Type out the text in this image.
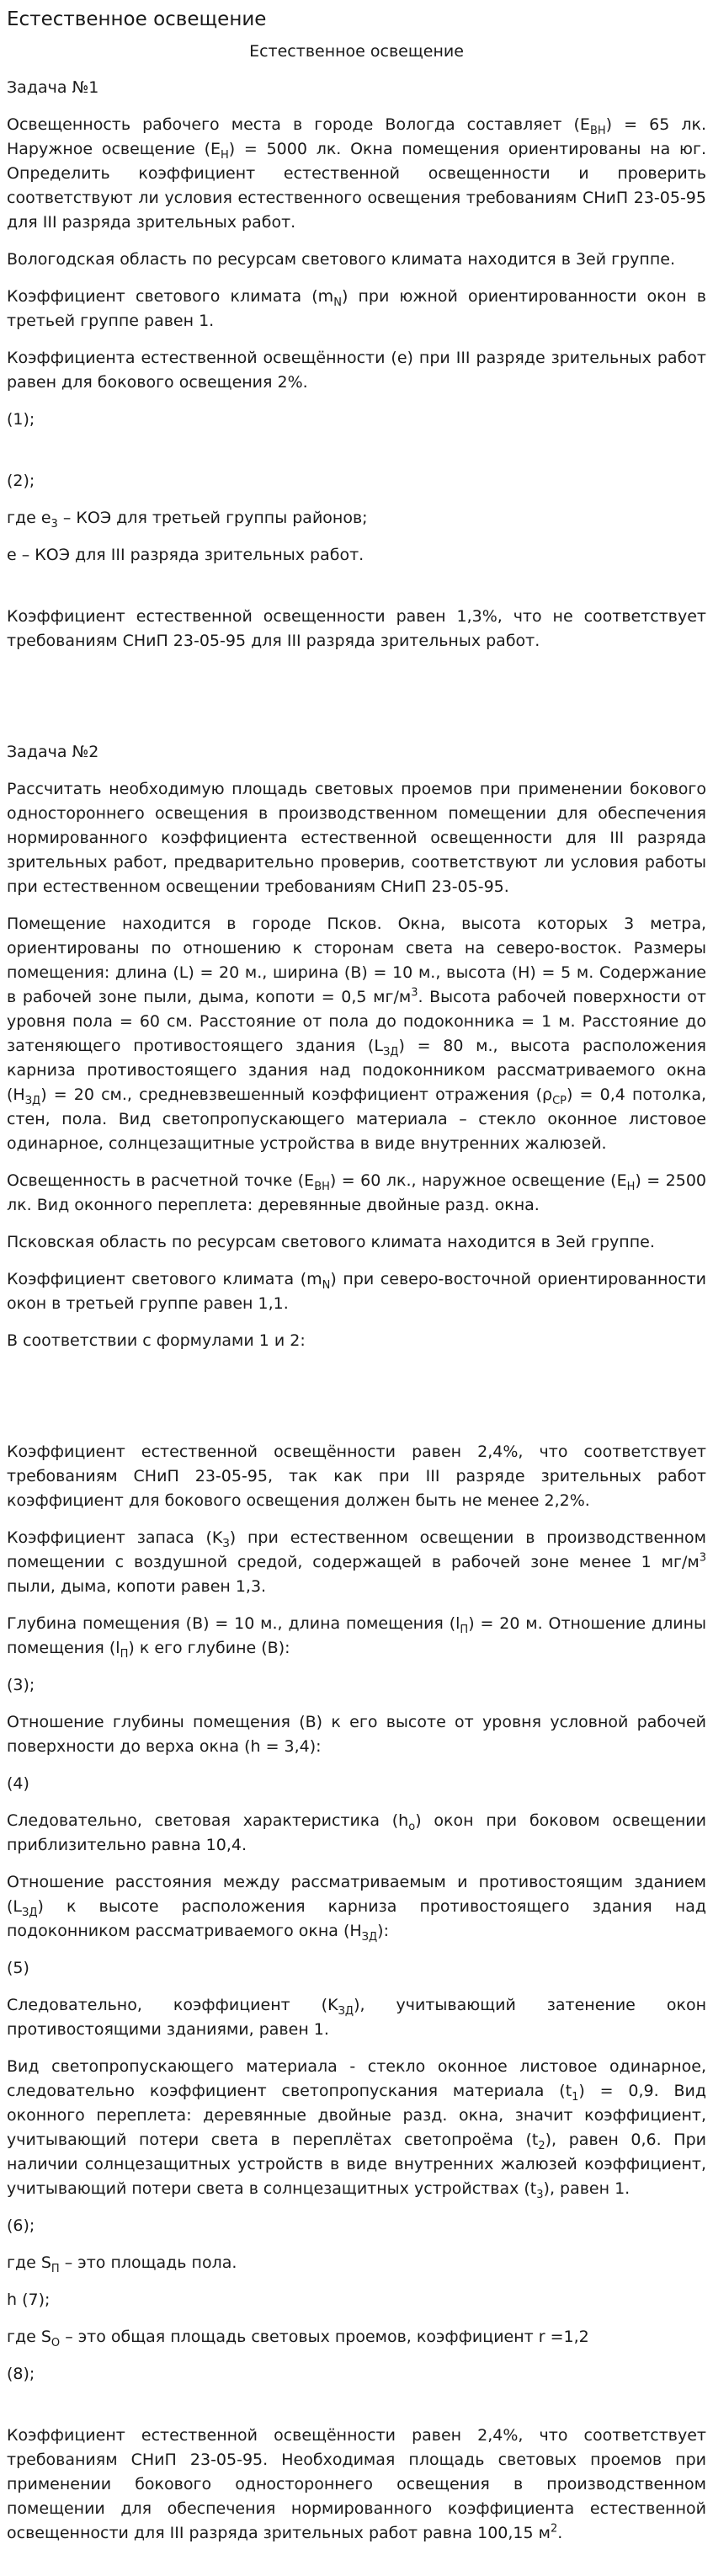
Естественное освещение
Естественное освещение

Задача №1

Освещенность рабочего места в городе Вологда составляет $(E_{ВН}) = 65$ лк. Наружное освещение $(E_Н) = 5000$ лк. Окна помещения ориентированы на юг. Определить коэффициент естественной освещенности и проверить соответствуют ли условия естественного освещения требованиям СНиП 23-05-95 для III разряда зрительных работ.

Вологодская область по ресурсам светового климата находится в 3ей группе.

Коэффициент светового климата $(m_N)$ при южной ориентированности окон в третьей группе равен 1.

Коэффициента естественной освещённости (e) при III разряде зрительных работ равен для бокового освещения 2%.

(1);

(2);

где $e_3$ – КОЭ для третьей группы районов;

e – КОЭ для III разряда зрительных работ.

Коэффициент естественной освещенности равен 1,3%, что не соответствует требованиям СНиП 23-05-95 для III разряда зрительных работ.

Задача №2

Рассчитать необходимую площадь световых проемов при применении бокового одностороннего освещения в производственном помещении для обеспечения нормированного коэффициента естественной освещенности для III разряда зрительных работ, предварительно проверив, соответствуют ли условия работы при естественном освещении требованиям СНиП 23-05-95.

Помещение находится в городе Псков. Окна, высота которых 3 метра, ориентированы по отношению к сторонам света на северо-восток. Размеры помещения: длина (L) = 20 м., ширина (B) = 10 м., высота (H) = 5 м. Содержание в рабочей зоне пыли, дыма, копоти = 0,5 $мг/м^3$. Высота рабочей поверхности от уровня пола = 60 см. Расстояние от пола до подоконника = 1 м. Расстояние до затеняющего противостоящего здания $(L_{ЗД}) = 80$ м., высота расположения карниза противостоящего здания над подоконником рассматриваемого окна $(H_{ЗД}) = 20$ см., средневзвешенный коэффициент отражения $(\rho_{СР}) = 0,4$ потолка, стен, пола. Вид светопропускающего материала – стекло оконное листовое одинарное, солнцезащитные устройства в виде внутренних жалюзей.

Освещенность в расчетной точке $(E_{ВН}) = 60$ лк., наружное освещение $(E_Н) = 2500$ лк. Вид оконного переплета: деревянные двойные разд. окна.

Псковская область по ресурсам светового климата находится в 3ей группе.

Коэффициент светового климата $(m_N)$ при северо-восточной ориентированности окон в третьей группе равен 1,1.

В соответствии с формулами 1 и 2:

Коэффициент естественной освещённости равен 2,4%, что соответствует требованиям СНиП 23-05-95, так как при III разряде зрительных работ коэффициент для бокового освещения должен быть не менее 2,2%.

Коэффициент запаса $(K_З)$ при естественном освещении в производственном помещении с воздушной средой, содержащей в рабочей зоне менее 1 $мг/м^3$ пыли, дыма, копоти равен 1,3.

Глубина помещения (B) = 10 м., длина помещения $(l_П) = 20$ м. Отношение длины помещения $(l_П)$ к его глубине (B):

(3);

Отношение глубины помещения (B) к его высоте от уровня условной рабочей поверхности до верха окна (h = 3,4):

(4)

Следовательно, световая характеристика $(h_о)$ окон при боковом освещении приблизительно равна 10,4.

Отношение расстояния между рассматриваемым и противостоящим зданием $(L_{ЗД})$ к высоте расположения карниза противостоящего здания над подоконником рассматриваемого окна $(H_{ЗД})$:

(5)

Следовательно, коэффициент $(K_{ЗД})$, учитывающий затенение окон противостоящими зданиями, равен 1.

Вид светопропускающего материала - стекло оконное листовое одинарное, следовательно коэффициент светопропускания материала $(t_1) = 0,9$. Вид оконного переплета: деревянные двойные разд. окна, значит коэффициент, учитывающий потери света в переплётах светопроёма $(t_2)$, равен 0,6. При наличии солнцезащитных устройств в виде внутренних жалюзей коэффициент, учитывающий потери света в солнцезащитных устройствах $(t_3)$, равен 1.

(6);

где $S_П$ – это площадь пола.

h (7);

где $S_О$ – это общая площадь световых проемов, коэффициент r =1,2

(8);

Коэффициент естественной освещённости равен 2,4%, что соответствует требованиям СНиП 23-05-95. Необходимая площадь световых проемов при применении бокового одностороннего освещения в производственном помещении для обеспечения нормированного коэффициента естественной освещенности для III разряда зрительных работ равна 100,15 $м^2$.
